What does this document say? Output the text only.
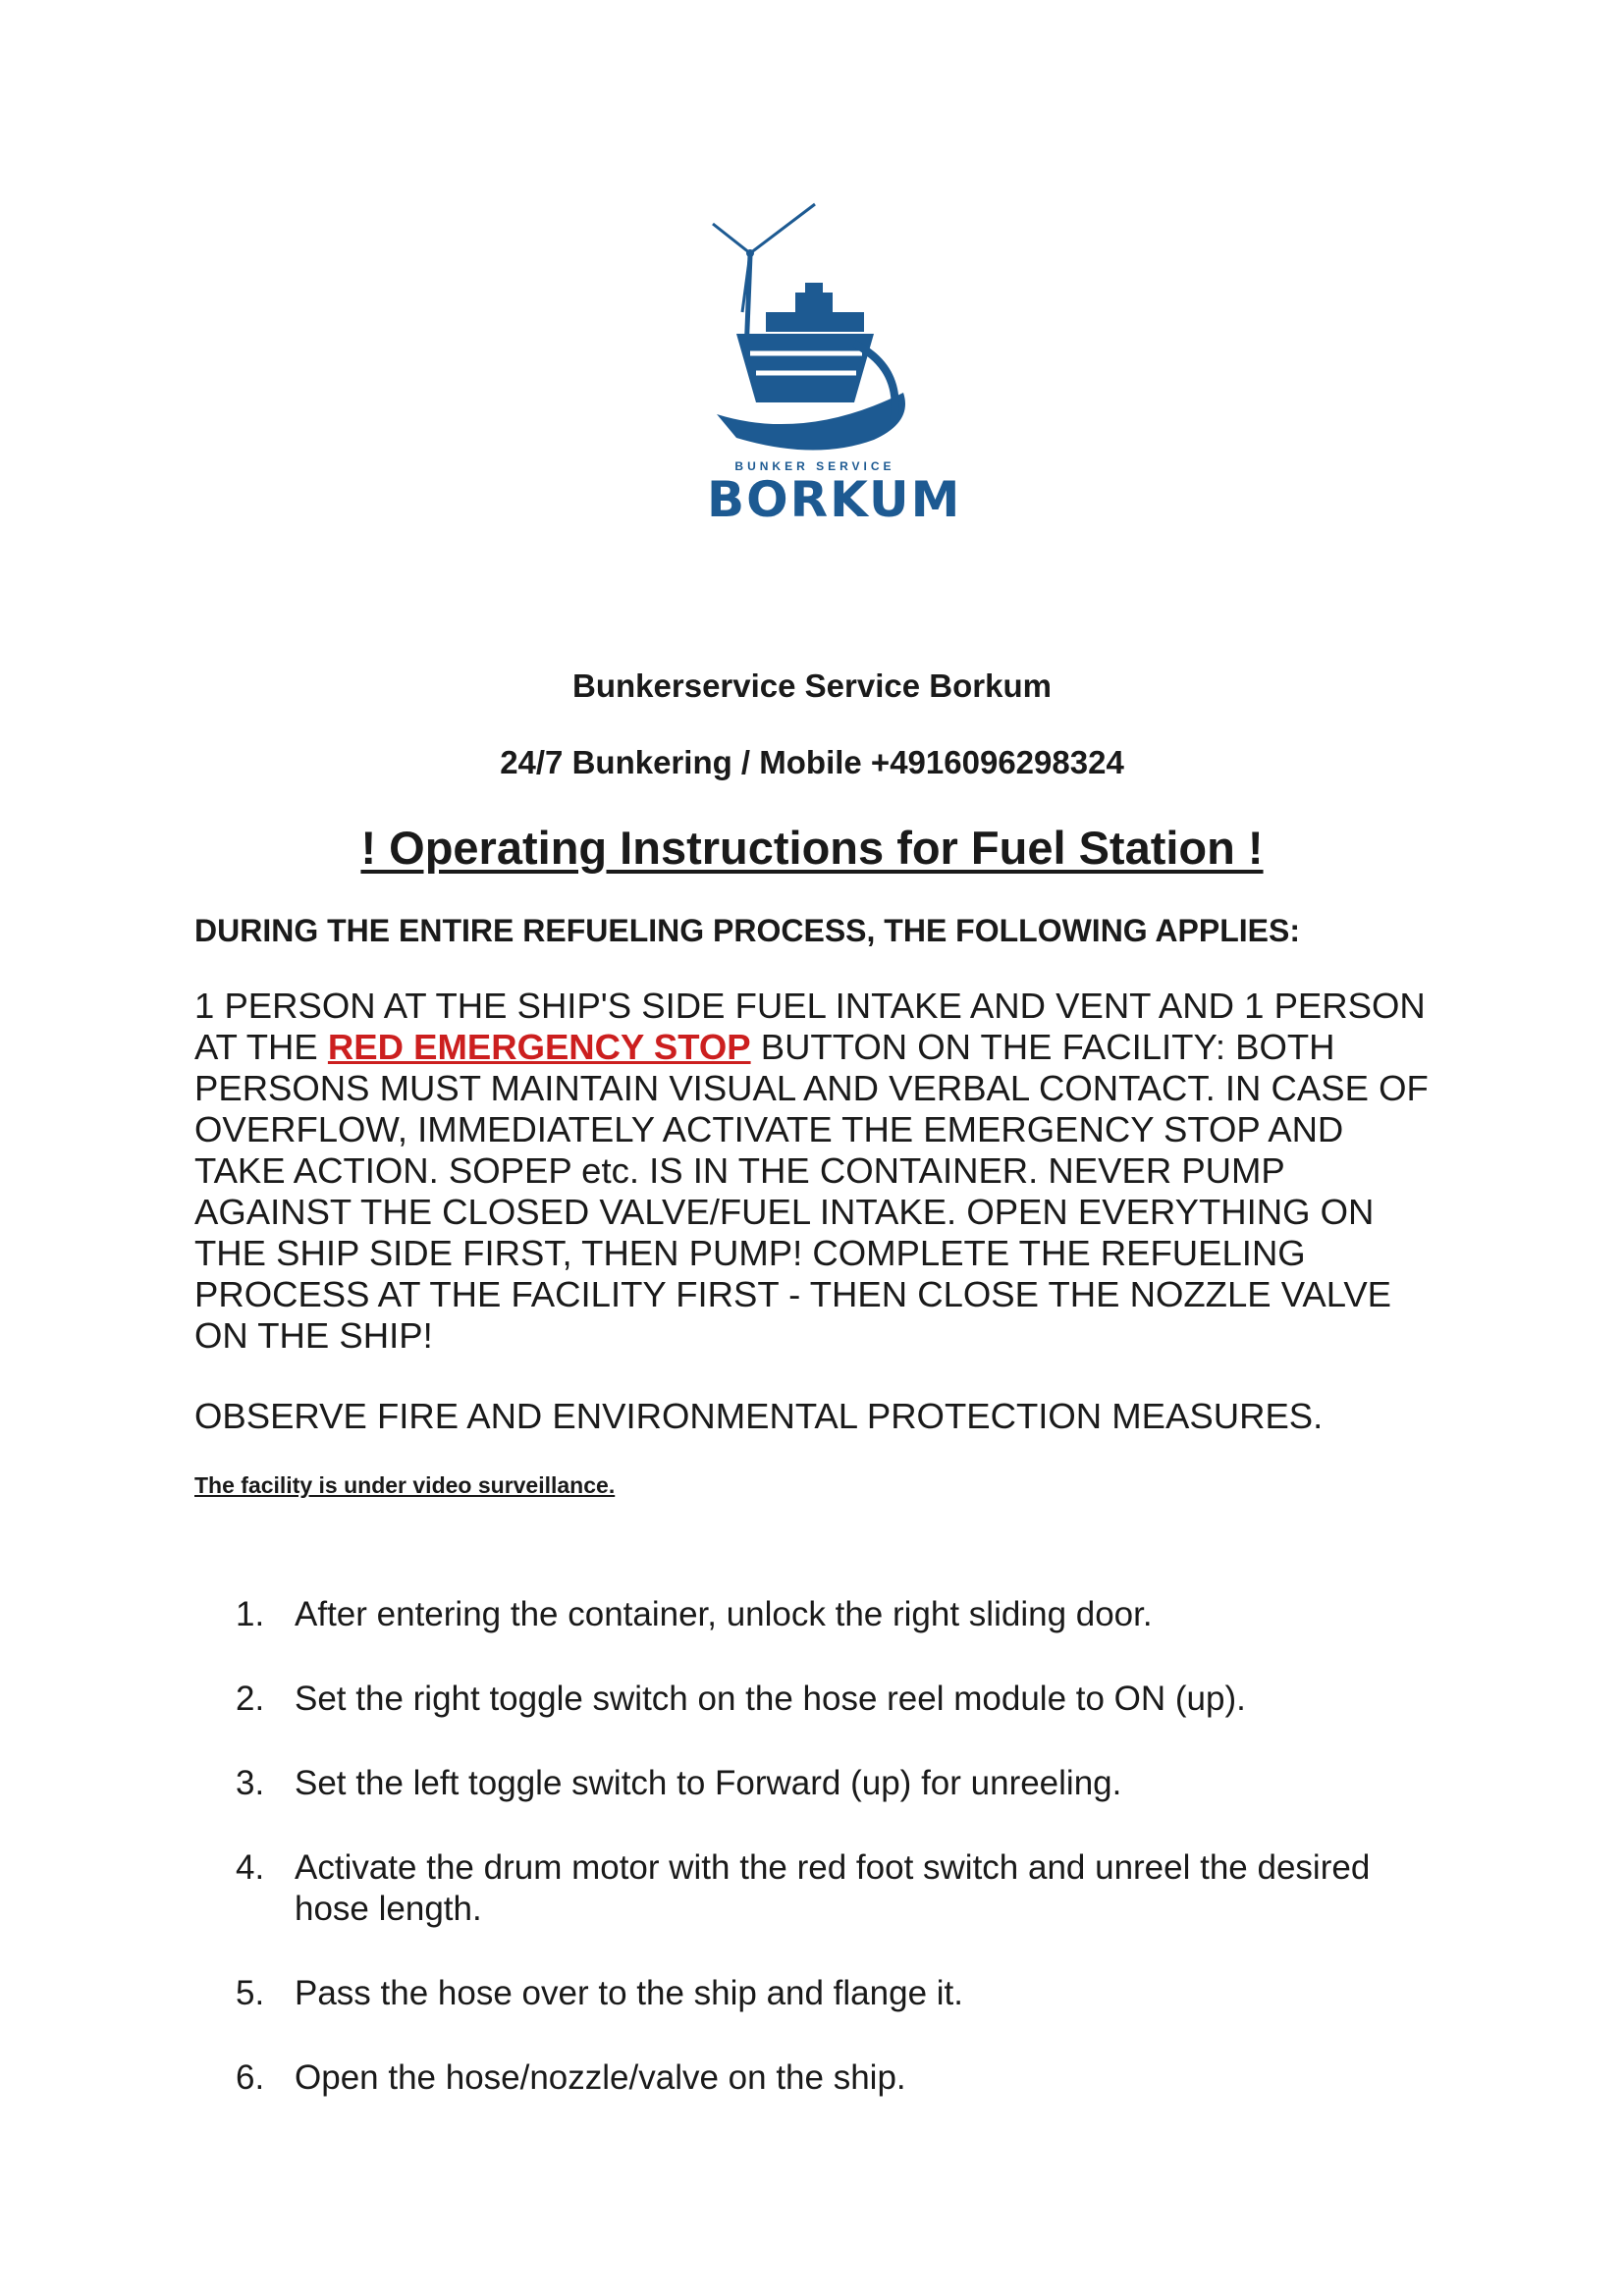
BUNKER SERVICE
BORKUM
Bunkerservice Service Borkum
24/7 Bunkering / Mobile +4916096298324
! Operating Instructions for Fuel Station !
DURING THE ENTIRE REFUELING PROCESS, THE FOLLOWING APPLIES:
1 PERSON AT THE SHIP'S SIDE FUEL INTAKE AND VENT AND 1 PERSON
AT THE RED EMERGENCY STOP BUTTON ON THE FACILITY: BOTH
PERSONS MUST MAINTAIN VISUAL AND VERBAL CONTACT. IN CASE OF
OVERFLOW, IMMEDIATELY ACTIVATE THE EMERGENCY STOP AND
TAKE ACTION. SOPEP etc. IS IN THE CONTAINER. NEVER PUMP
AGAINST THE CLOSED VALVE/FUEL INTAKE. OPEN EVERYTHING ON
THE SHIP SIDE FIRST, THEN PUMP! COMPLETE THE REFUELING
PROCESS AT THE FACILITY FIRST - THEN CLOSE THE NOZZLE VALVE
ON THE SHIP!
OBSERVE FIRE AND ENVIRONMENTAL PROTECTION MEASURES.
The facility is under video surveillance.
1. After entering the container, unlock the right sliding door.
2. Set the right toggle switch on the hose reel module to ON (up).
3. Set the left toggle switch to Forward (up) for unreeling.
4. Activate the drum motor with the red foot switch and unreel the desired
hose length.
5. Pass the hose over to the ship and flange it.
6. Open the hose/nozzle/valve on the ship.
